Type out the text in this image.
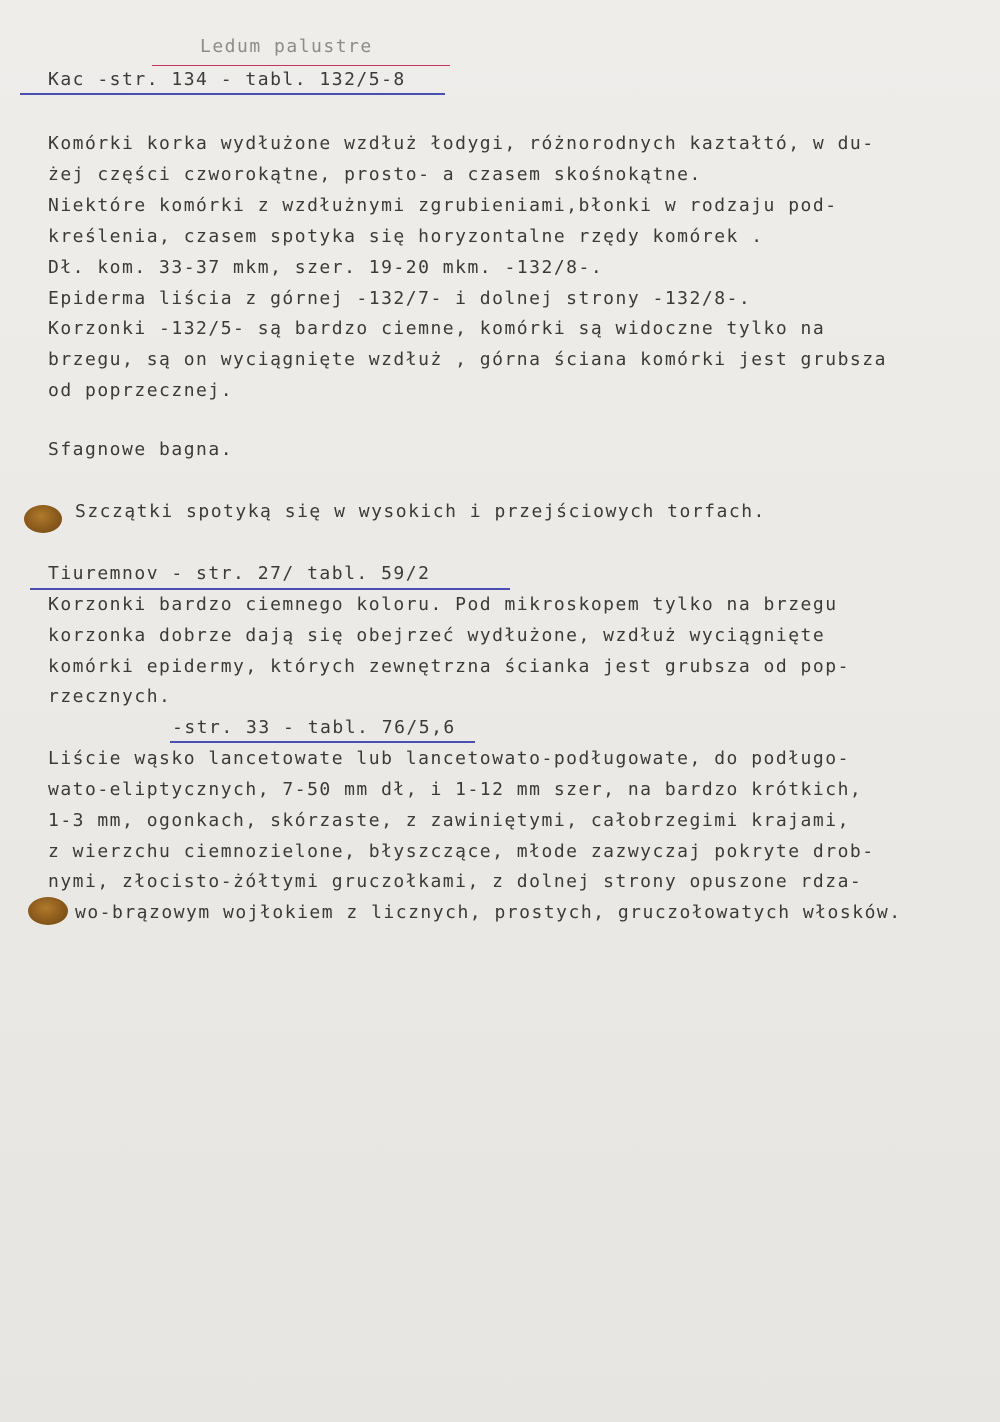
Ledum palustre
Kac -str. 134 - tabl. 132/5-8
Komórki korka wydłużone wzdłuż łodygi, różnorodnych kaztałtó, w du-
żej części czworokątne, prosto- a czasem skośnokątne.
Niektóre komórki z wzdłużnymi zgrubieniami,błonki w rodzaju pod-
kreślenia, czasem spotyka się horyzontalne rzędy komórek .
Dł. kom. 33-37 mkm, szer. 19-20 mkm. -132/8-.
Epiderma liścia z górnej -132/7- i dolnej strony -132/8-.
Korzonki -132/5- są bardzo ciemne, komórki są widoczne tylko na
brzegu, są on wyciągnięte wzdłuż , górna ściana komórki jest grubsza
od poprzecznej.
Sfagnowe bagna.
Szczątki spotyką się w wysokich i przejściowych torfach.
Tiuremnov - str. 27/ tabl. 59/2
Korzonki bardzo ciemnego koloru. Pod mikroskopem tylko na brzegu
korzonka dobrze dają się obejrzeć wydłużone, wzdłuż wyciągnięte
komórki epidermy, których zewnętrzna ścianka jest grubsza od pop-
rzecznych.
-str. 33 - tabl. 76/5,6
Liście wąsko lancetowate lub lancetowato-podługowate, do podługo-
wato-eliptycznych, 7-50 mm dł, i 1-12 mm szer, na bardzo krótkich,
1-3 mm, ogonkach, skórzaste, z zawiniętymi, całobrzegimi krajami,
z wierzchu ciemnozielone, błyszczące, młode zazwyczaj pokryte drob-
nymi, złocisto-żółtymi gruczołkami, z dolnej strony opuszone rdza-
wo-brązowym wojłokiem z licznych, prostych, gruczołowatych włosków.
